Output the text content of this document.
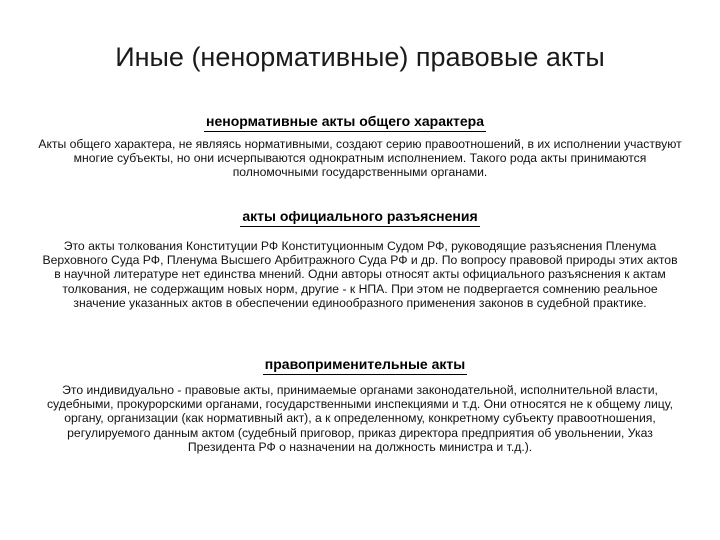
Иные (ненормативные) правовые акты
ненормативные акты общего характера
Акты общего характера, не являясь нормативными, создают серию правоотношений, в их исполнении участвуют многие субъекты, но они исчерпываются однократным исполнением. Такого рода акты принимаются полномочными государственными органами.
акты официального разъяснения
Это акты толкования Конституции РФ Конституционным Судом РФ, руководящие разъяснения Пленума Верховного Суда РФ, Пленума Высшего Арбитражного Суда РФ и др. По вопросу правовой природы этих актов в научной литературе нет единства мнений. Одни авторы относят акты официального разъяснения к актам толкования, не содержащим новых норм, другие - к НПА. При этом не подвергается сомнению реальное значение указанных актов в обеспечении единообразного применения законов в судебной практике.
правоприменительные акты
Это индивидуально - правовые акты, принимаемые органами законодательной, исполнительной власти, судебными, прокурорскими органами, государственными инспекциями и т.д. Они относятся не к общему лицу, органу, организации (как нормативный акт), а к определенному, конкретному субъекту правоотношения, регулируемого данным актом (судебный приговор, приказ директора предприятия об увольнении, Указ Президента РФ о назначении на должность министра и т.д.).
